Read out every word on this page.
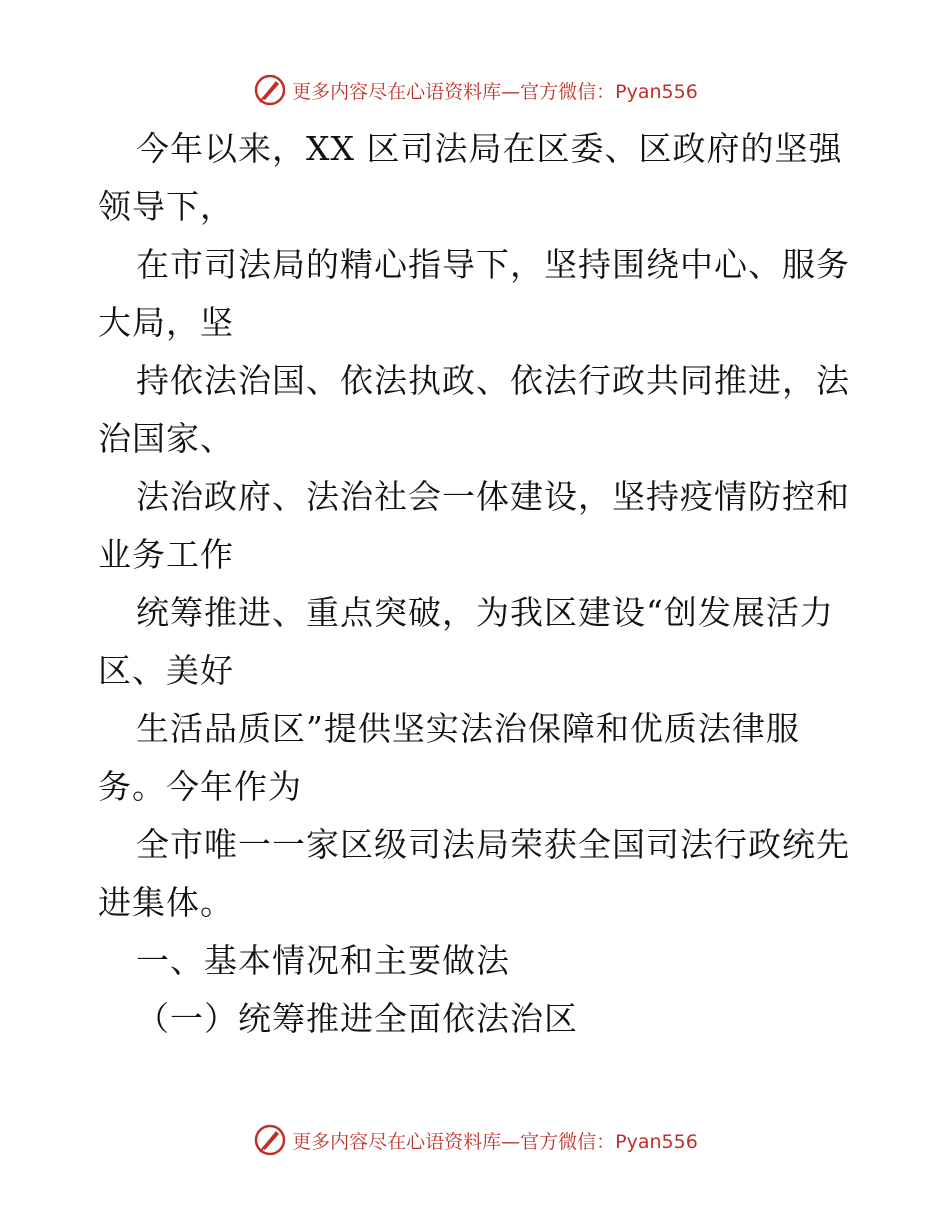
更多内容尽在心语资料库—官方微信：Pyan556
今年以来，XX 区司法局在区委、区政府的坚强
领导下，
在市司法局的精心指导下，坚持围绕中心、服务
大局，坚
持依法治国、依法执政、依法行政共同推进，法
治国家、
法治政府、法治社会一体建设，坚持疫情防控和
业务工作
统筹推进、重点突破，为我区建设“创发展活力
区、美好
生活品质区”提供坚实法治保障和优质法律服
务。今年作为
全市唯一一家区级司法局荣获全国司法行政统先
进集体。
一、基本情况和主要做法
（一）统筹推进全面依法治区
更多内容尽在心语资料库—官方微信：Pyan556
